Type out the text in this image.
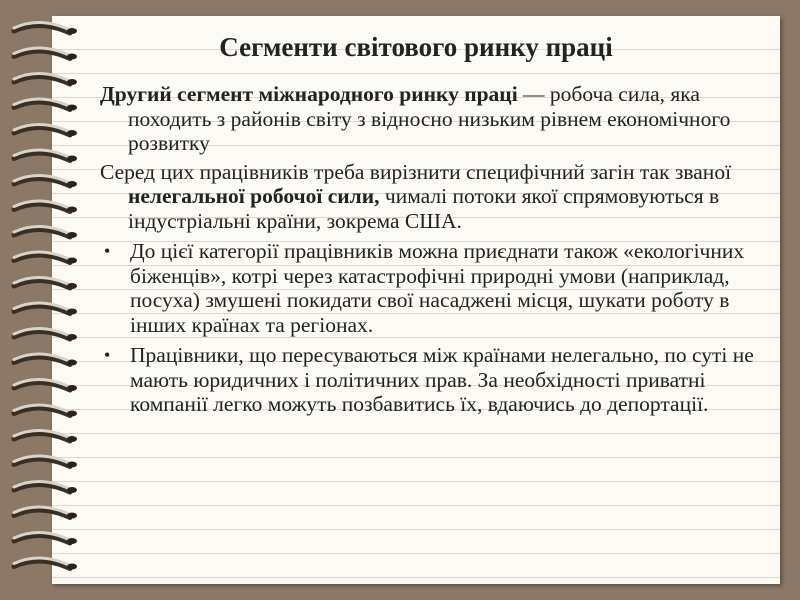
Сегменти світового ринку праці

Другий сегмент міжнародного ринку праці — робоча сила, яка походить з районів світу з відносно низьким рівнем економічного розвитку

Серед цих працівників треба вирізнити специфічний загін так званої нелегальної робочої сили, чималі потоки якої спрямовуються в індустріальні країни, зокрема США.

• До цієї категорії працівників можна приєднати також «екологічних біженців», котрі через катастрофічні природні умови (наприклад, посуха) змушені покидати свої насаджені місця, шукати роботу в інших країнах та регіонах.
• Працівники, що пересуваються між країнами нелегально, по суті не мають юридичних і політичних прав. За необхідності приватні компанії легко можуть позбавитись їх, вдаючись до депортації.
